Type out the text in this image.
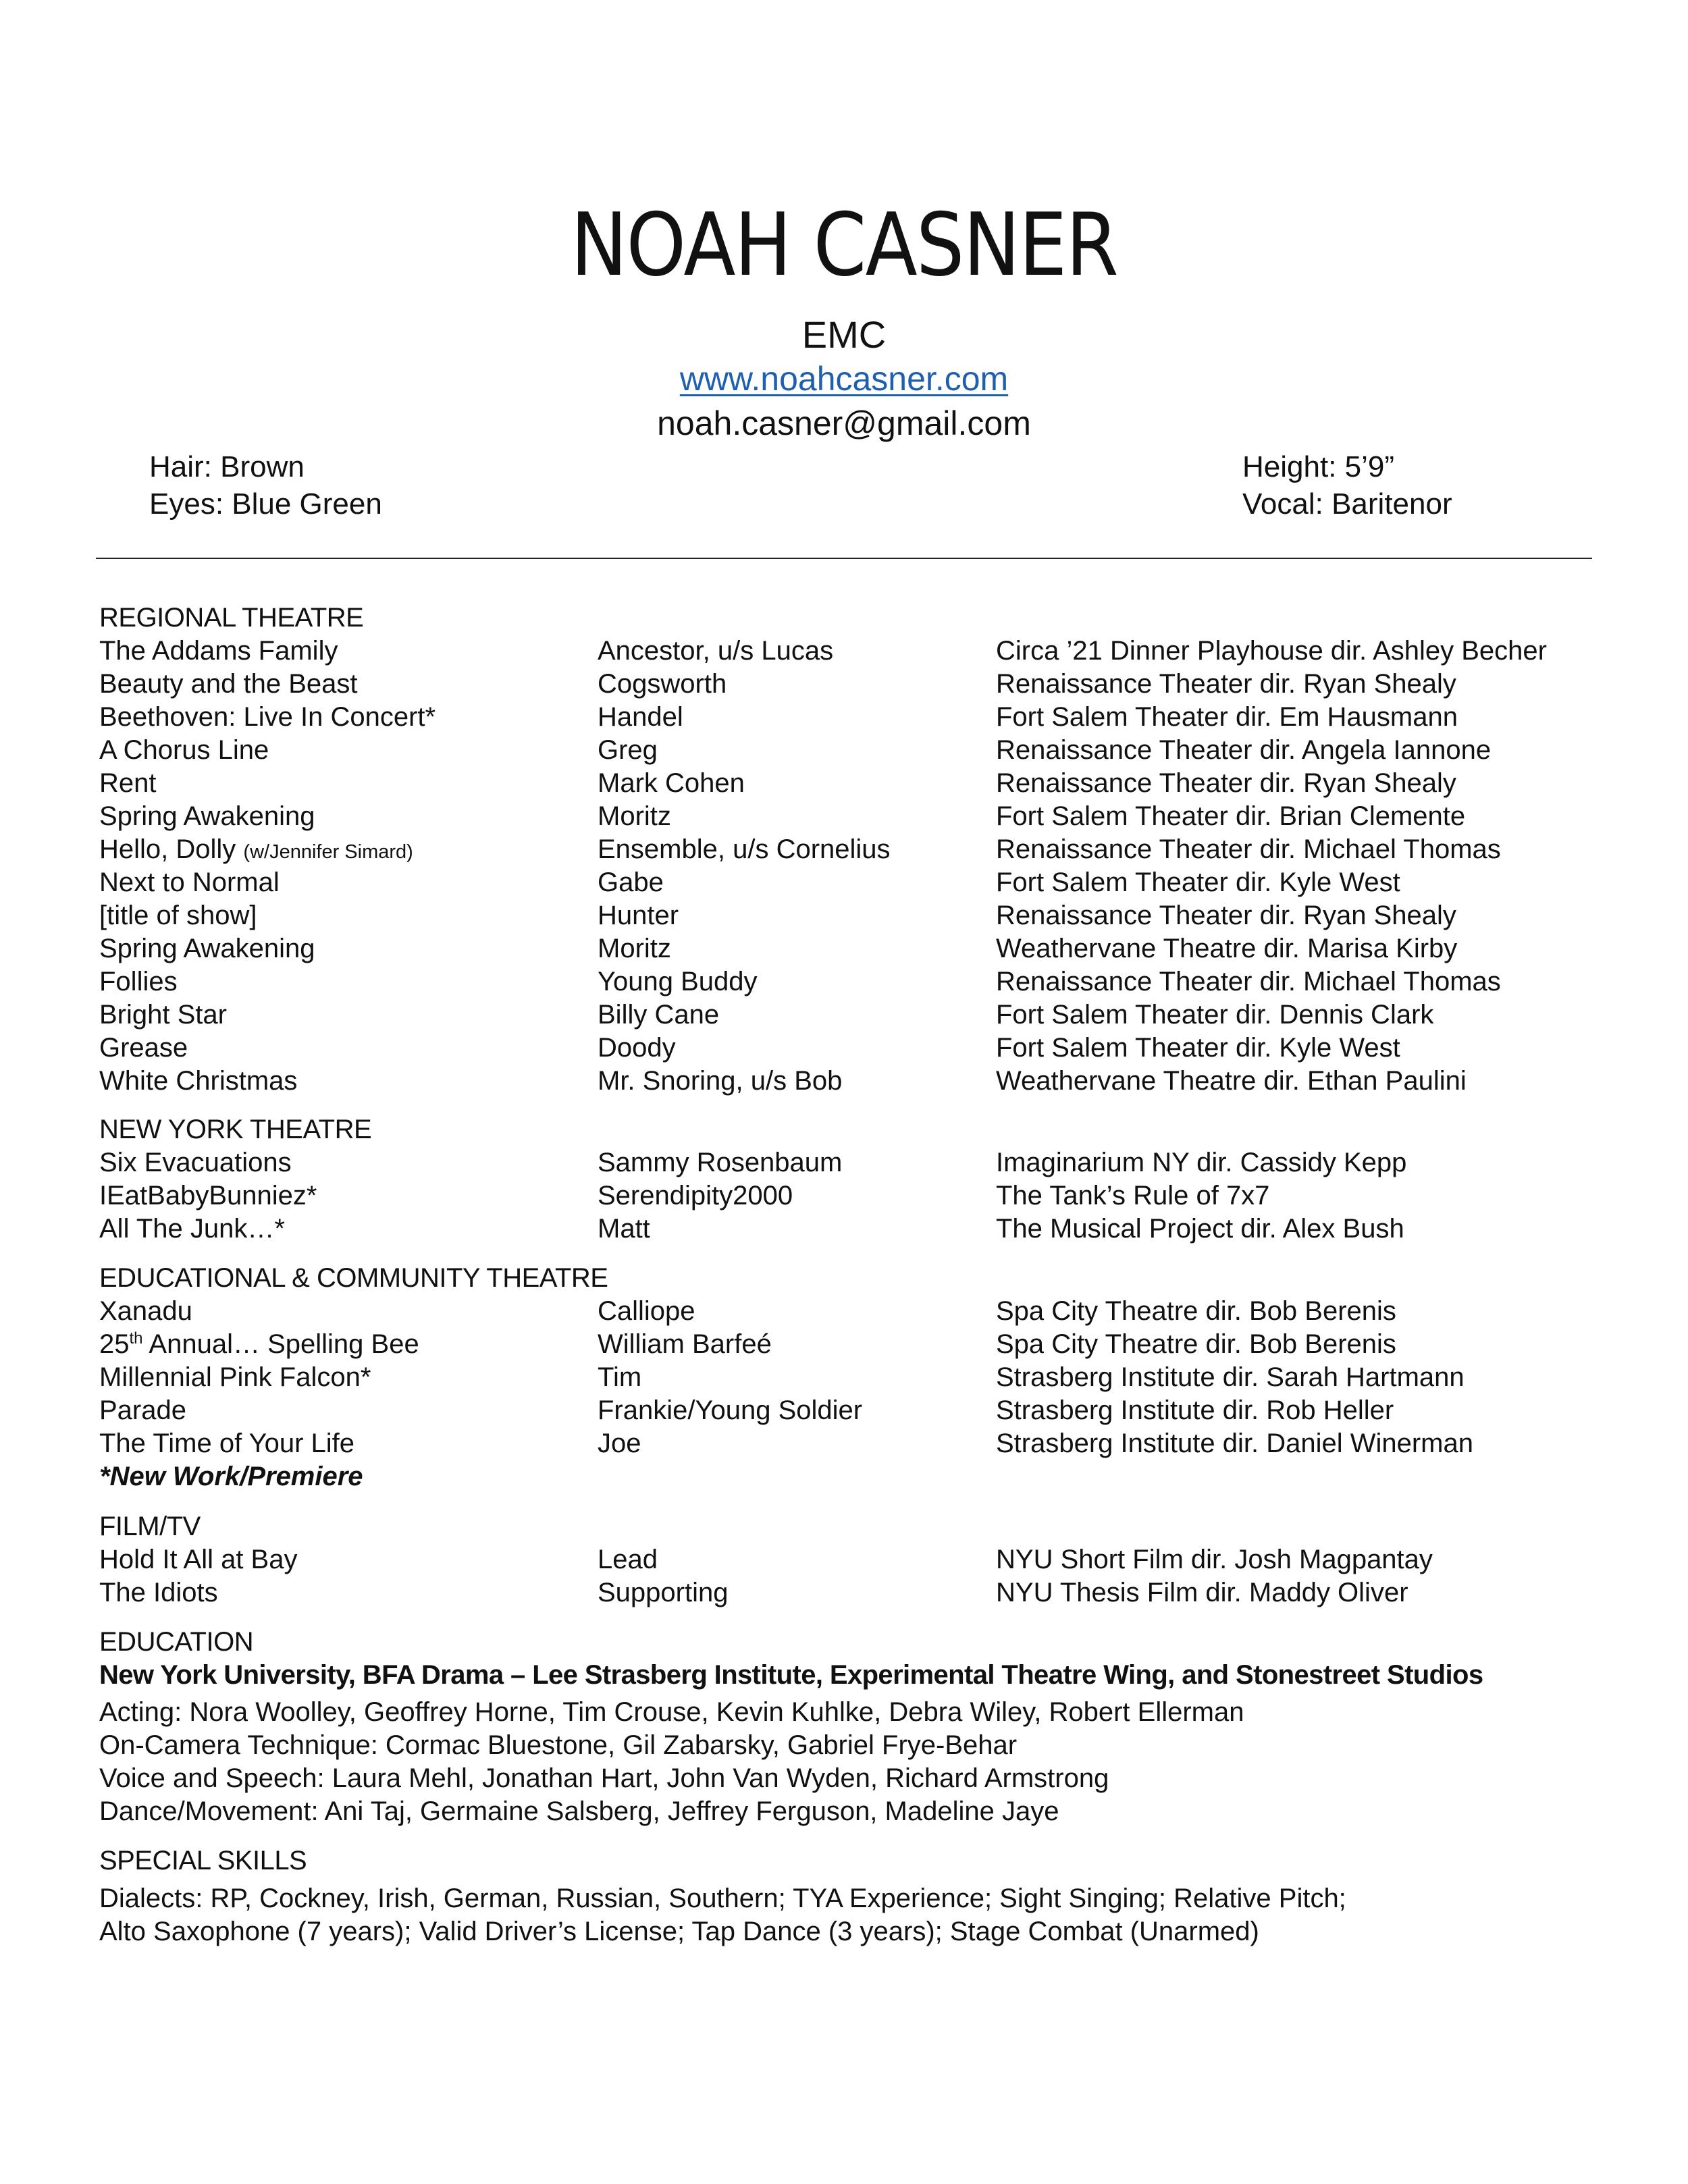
NOAH CASNER
EMC
www.noahcasner.com
noah.casner@gmail.com
Hair: Brown
Eyes: Blue Green
Height: 5’9”
Vocal: Baritenor
REGIONAL THEATRE
The Addams Family	Ancestor, u/s Lucas	Circa ’21 Dinner Playhouse dir. Ashley Becher
Beauty and the Beast	Cogsworth	Renaissance Theater dir. Ryan Shealy
Beethoven: Live In Concert*	Handel	Fort Salem Theater dir. Em Hausmann
A Chorus Line	Greg	Renaissance Theater dir. Angela Iannone
Rent	Mark Cohen	Renaissance Theater dir. Ryan Shealy
Spring Awakening	Moritz	Fort Salem Theater dir. Brian Clemente
Hello, Dolly (w/Jennifer Simard)	Ensemble, u/s Cornelius	Renaissance Theater dir. Michael Thomas
Next to Normal	Gabe	Fort Salem Theater dir. Kyle West
[title of show]	Hunter	Renaissance Theater dir. Ryan Shealy
Spring Awakening	Moritz	Weathervane Theatre dir. Marisa Kirby
Follies	Young Buddy	Renaissance Theater dir. Michael Thomas
Bright Star	Billy Cane	Fort Salem Theater dir. Dennis Clark
Grease	Doody	Fort Salem Theater dir. Kyle West
White Christmas	Mr. Snoring, u/s Bob	Weathervane Theatre dir. Ethan Paulini
NEW YORK THEATRE
Six Evacuations	Sammy Rosenbaum	Imaginarium NY dir. Cassidy Kepp
IEatBabyBunniez*	Serendipity2000	The Tank’s Rule of 7x7
All The Junk…*	Matt	The Musical Project dir. Alex Bush
EDUCATIONAL & COMMUNITY THEATRE
Xanadu	Calliope	Spa City Theatre dir. Bob Berenis
25th Annual… Spelling Bee	William Barfeé	Spa City Theatre dir. Bob Berenis
Millennial Pink Falcon*	Tim	Strasberg Institute dir. Sarah Hartmann
Parade	Frankie/Young Soldier	Strasberg Institute dir. Rob Heller
The Time of Your Life	Joe	Strasberg Institute dir. Daniel Winerman
*New Work/Premiere
FILM/TV
Hold It All at Bay	Lead	NYU Short Film dir. Josh Magpantay
The Idiots	Supporting	NYU Thesis Film dir. Maddy Oliver
EDUCATION
New York University, BFA Drama – Lee Strasberg Institute, Experimental Theatre Wing, and Stonestreet Studios
Acting: Nora Woolley, Geoffrey Horne, Tim Crouse, Kevin Kuhlke, Debra Wiley, Robert Ellerman
On-Camera Technique: Cormac Bluestone, Gil Zabarsky, Gabriel Frye-Behar
Voice and Speech: Laura Mehl, Jonathan Hart, John Van Wyden, Richard Armstrong
Dance/Movement: Ani Taj, Germaine Salsberg, Jeffrey Ferguson, Madeline Jaye
SPECIAL SKILLS
Dialects: RP, Cockney, Irish, German, Russian, Southern; TYA Experience; Sight Singing; Relative Pitch;
Alto Saxophone (7 years); Valid Driver’s License; Tap Dance (3 years); Stage Combat (Unarmed)
